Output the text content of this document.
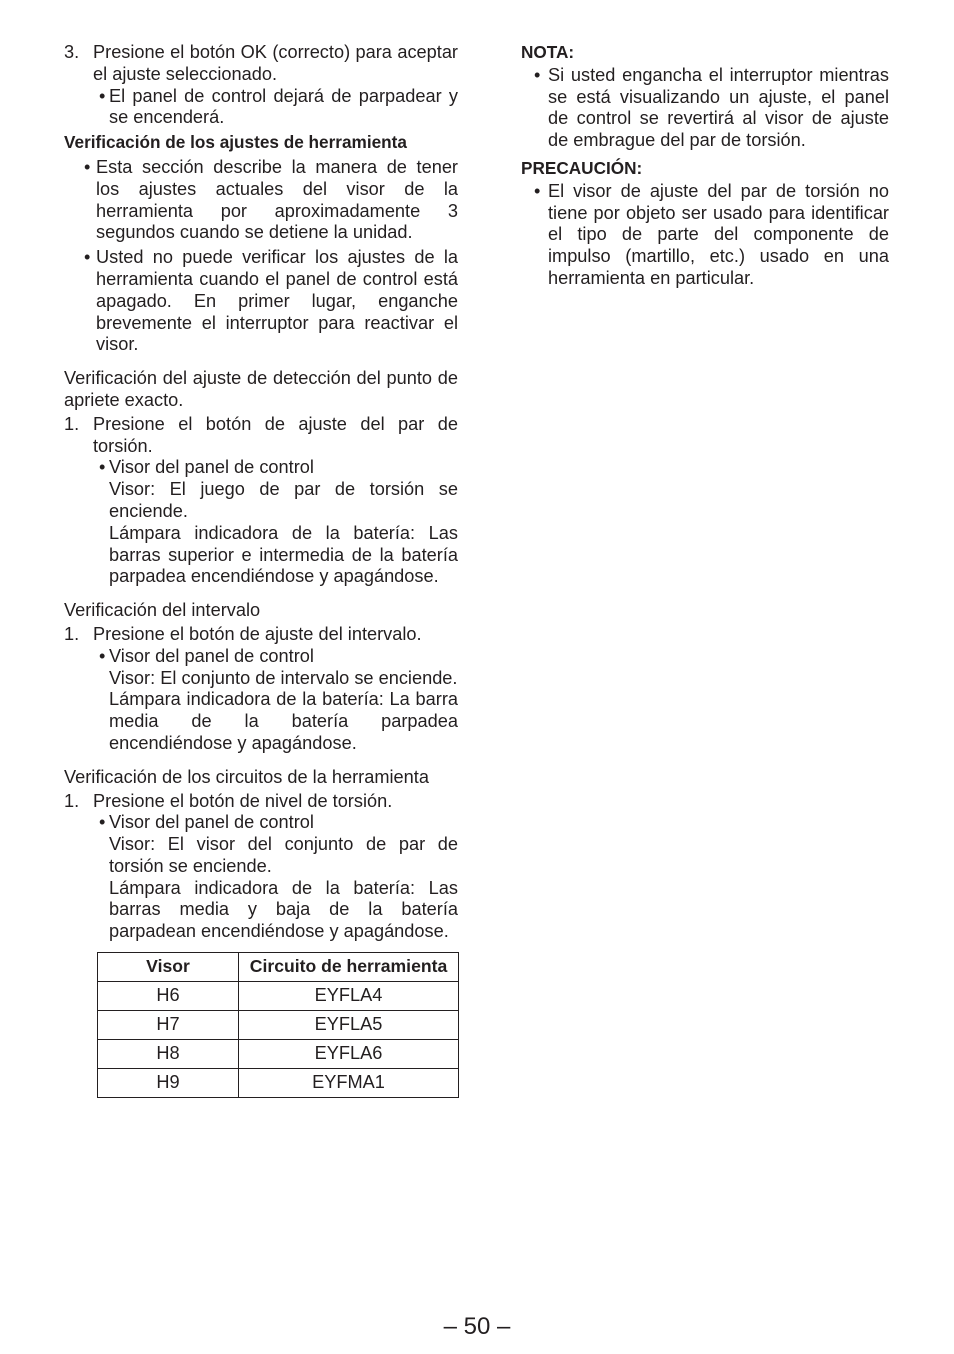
3. Presione el botón OK (correcto) para aceptar el ajuste seleccionado.
• El panel de control dejará de parpadear y se encenderá.
Verificación de los ajustes de herramienta
• Esta sección describe la manera de tener los ajustes actuales del visor de la herramienta por aproximadamente 3 segundos cuando se detiene la unidad.
• Usted no puede verificar los ajustes de la herramienta cuando el panel de control está apagado. En primer lugar, enganche brevemente el interruptor para reactivar el visor.
Verificación del ajuste de detección del punto de apriete exacto.
1. Presione el botón de ajuste del par de torsión.
• Visor del panel de control
Visor: El juego de par de torsión se enciende.
Lámpara indicadora de la batería: Las barras superior e intermedia de la batería parpadea encendiéndose y apagándose.
Verificación del intervalo
1. Presione el botón de ajuste del intervalo.
• Visor del panel de control
Visor: El conjunto de intervalo se enciende.
Lámpara indicadora de la batería: La barra media de la batería parpadea encendiéndose y apagándose.
Verificación de los circuitos de la herramienta
1. Presione el botón de nivel de torsión.
• Visor del panel de control
Visor: El visor del conjunto de par de torsión se enciende.
Lámpara indicadora de la batería: Las barras media y baja de la batería parpadean encendiéndose y apagándose.
Visor	Circuito de herramienta
H6	EYFLA4
H7	EYFLA5
H8	EYFLA6
H9	EYFMA1
NOTA:
• Si usted engancha el interruptor mientras se está visualizando un ajuste, el panel de control se revertirá al visor de ajuste de embrague del par de torsión.
PRECAUCIÓN:
• El visor de ajuste del par de torsión no tiene por objeto ser usado para identificar el tipo de parte del componente de impulso (martillo, etc.) usado en una herramienta en particular.
– 50 –
